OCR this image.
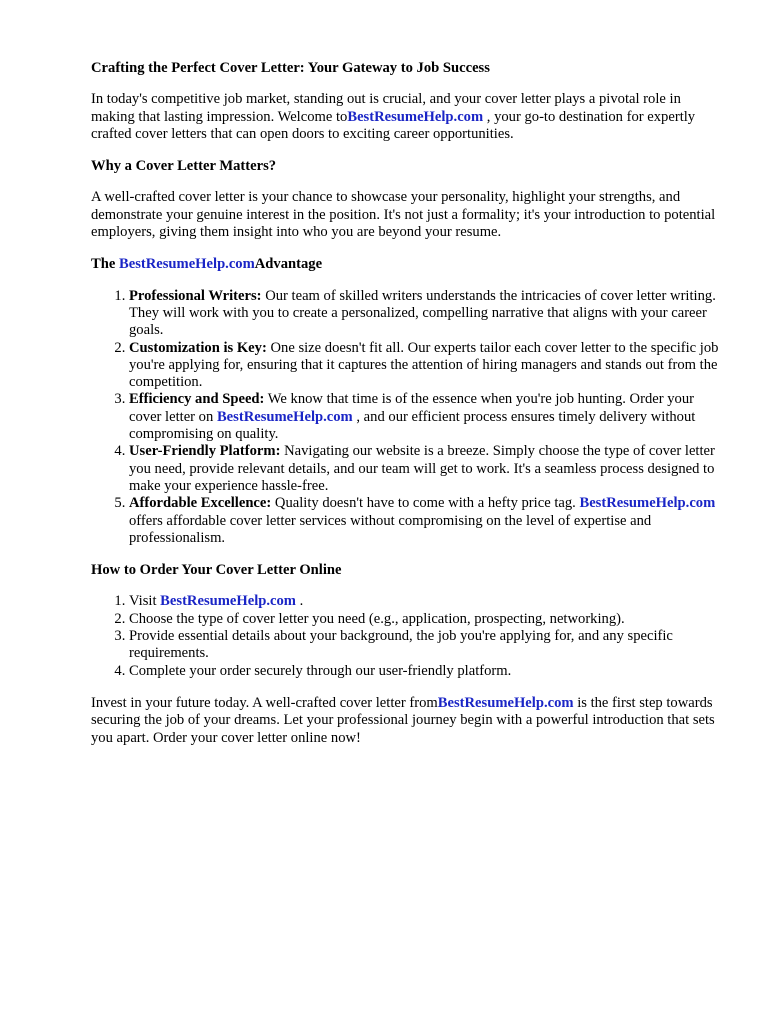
Crafting the Perfect Cover Letter: Your Gateway to Job Success

In today's competitive job market, standing out is crucial, and your cover letter plays a pivotal role in making that lasting impression. Welcome toBestResumeHelp.com , your go-to destination for expertly crafted cover letters that can open doors to exciting career opportunities.

Why a Cover Letter Matters?

A well-crafted cover letter is your chance to showcase your personality, highlight your strengths, and demonstrate your genuine interest in the position. It's not just a formality; it's your introduction to potential employers, giving them insight into who you are beyond your resume.

The BestResumeHelp.comAdvantage
1. Professional Writers: Our team of skilled writers understands the intricacies of cover letter writing. They will work with you to create a personalized, compelling narrative that aligns with your career goals.
2. Customization is Key: One size doesn't fit all. Our experts tailor each cover letter to the specific job you're applying for, ensuring that it captures the attention of hiring managers and stands out from the competition.
3. Efficiency and Speed: We know that time is of the essence when you're job hunting. Order your cover letter on BestResumeHelp.com , and our efficient process ensures timely delivery without compromising on quality.
4. User-Friendly Platform: Navigating our website is a breeze. Simply choose the type of cover letter you need, provide relevant details, and our team will get to work. It's a seamless process designed to make your experience hassle-free.
5. Affordable Excellence: Quality doesn't have to come with a hefty price tag. BestResumeHelp.com offers affordable cover letter services without compromising on the level of expertise and professionalism.
How to Order Your Cover Letter Online
1. Visit BestResumeHelp.com .
2. Choose the type of cover letter you need (e.g., application, prospecting, networking).
3. Provide essential details about your background, the job you're applying for, and any specific requirements.
4. Complete your order securely through our user-friendly platform.

Invest in your future today. A well-crafted cover letter fromBestResumeHelp.com is the first step towards securing the job of your dreams. Let your professional journey begin with a powerful introduction that sets you apart. Order your cover letter online now!
